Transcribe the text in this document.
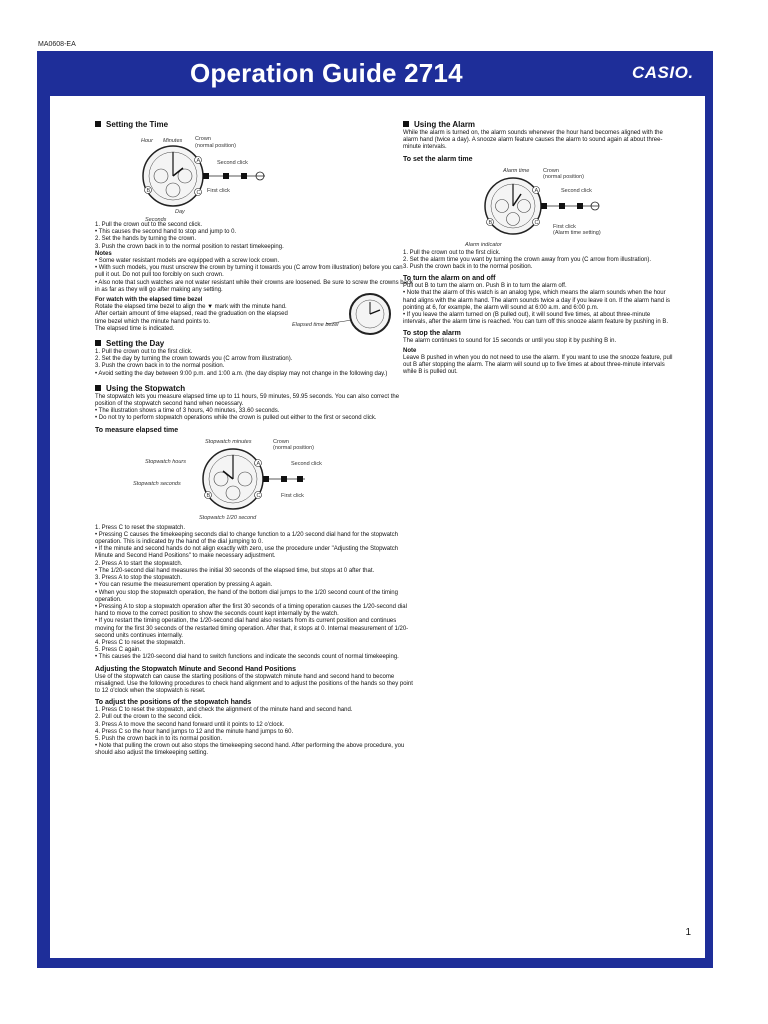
MA0608-EA
Operation Guide 2714	CASIO.

Setting the Time

Hour Minutes Crown
(normal position)
Second click
First click
Day
Seconds
A
B	C

1. Pull the crown out to the second click.

• This causes the second hand to stop and jump to 0.

2. Set the hands by turning the crown.

3. Push the crown back in to the normal position to restart timekeeping.

Notes

• Some water resistant models are equipped with a screw lock crown.

• With such models, you must unscrew the crown by turning it towards you (C arrow from illustration) before you can pull it out. Do not pull too forcibly on such crown.

• Also note that such watches are not water resistant while their crowns are loosened. Be sure to screw the crowns back in as far as they will go after making any setting.

For watch with the elapsed time bezel

Rotate the elapsed time bezel to align the ▼ mark with the minute hand.

After certain amount of time elapsed, read the graduation on the elapsed time bezel which the minute hand points to.

The elapsed time is indicated.

Elapsed time bezel

Setting the Day

1. Pull the crown out to the first click.

2. Set the day by turning the crown towards you (C arrow from illustration).

3. Push the crown back in to the normal position.

• Avoid setting the day between 9:00 p.m. and 1:00 a.m. (the day display may not change in the following day.)

Using the Stopwatch

The stopwatch lets you measure elapsed time up to 11 hours, 59 minutes, 59.95 seconds. You can also correct the position of the stopwatch second hand when necessary.

• The illustration shows a time of 3 hours, 40 minutes, 33.60 seconds.

• Do not try to perform stopwatch operations while the crown is pulled out either to the first or second click.

To measure elapsed time

Stopwatch minutes	Crown
(normal position)
Stopwatch hours	Second click
Stopwatch seconds
First click
Stopwatch 1/20 second
A
B	C

1. Press C to reset the stopwatch.

• Pressing C causes the timekeeping seconds dial to change function to a 1/20 second dial hand for the stopwatch operation. This is indicated by the hand of the dial jumping to 0.

• If the minute and second hands do not align exactly with zero, use the procedure under "Adjusting the Stopwatch Minute and Second Hand Positions" to make necessary adjustment.

2. Press A to start the stopwatch.

• The 1/20-second dial hand measures the initial 30 seconds of the elapsed time, but stops at 0 after that.

3. Press A to stop the stopwatch.

• You can resume the measurement operation by pressing A again.

• When you stop the stopwatch operation, the hand of the bottom dial jumps to the 1/20 second count of the timing operation.

• Pressing A to stop a stopwatch operation after the first 30 seconds of a timing operation causes the 1/20-second dial hand to move to the correct position to show the seconds count kept internally by the watch.

• If you restart the timing operation, the 1/20-second dial hand also restarts from its current position and continues moving for the first 30 seconds of the restarted timing operation. After that, it stops at 0. Internal measurement of 1/20-second units continues internally.

4. Press C to reset the stopwatch.

5. Press C again.

• This causes the 1/20-second dial hand to switch functions and indicate the seconds count of normal timekeeping.

Adjusting the Stopwatch Minute and Second Hand Positions

Use of the stopwatch can cause the starting positions of the stopwatch minute hand and second hand to become misaligned. Use the following procedures to check hand alignment and to adjust the positions of the hands so they point to 12 o'clock when the stopwatch is reset.

To adjust the positions of the stopwatch hands

1. Press C to reset the stopwatch, and check the alignment of the minute hand and second hand.

2. Pull out the crown to the second click.

3. Press A to move the second hand forward until it points to 12 o'clock.

4. Press C so the hour hand jumps to 12 and the minute hand jumps to 60.

5. Push the crown back in to its normal position.

• Note that pulling the crown out also stops the timekeeping second hand. After performing the above procedure, you should also adjust the timekeeping setting.

Using the Alarm

While the alarm is turned on, the alarm sounds whenever the hour hand becomes aligned with the alarm hand (twice a day). A snooze alarm feature causes the alarm to sound again at about three-minute intervals.

To set the alarm time

Alarm time Crown
(normal position)
Second click
First click
(Alarm time setting)
Alarm indicator
A
B	C

1. Pull the crown out to the first click.

2. Set the alarm time you want by turning the crown away from you (C arrow from illustration).

3. Push the crown back in to the normal position.

To turn the alarm on and off

Pull out B to turn the alarm on. Push B in to turn the alarm off.

• Note that the alarm of this watch is an analog type, which means the alarm sounds when the hour hand aligns with the alarm hand. The alarm sounds twice a day if you leave it on. If the alarm hand is pointing at 6, for example, the alarm will sound at 6:00 a.m. and 6:00 p.m.

• If you leave the alarm turned on (B pulled out), it will sound five times, at about three-minute intervals, after the alarm time is reached. You can turn off this snooze alarm feature by pushing in B.

To stop the alarm

The alarm continues to sound for 15 seconds or until you stop it by pushing B in.

Note

Leave B pushed in when you do not need to use the alarm. If you want to use the snooze feature, pull out B after stopping the alarm. The alarm will sound up to five times at about three-minute intervals while B is pulled out.

1
